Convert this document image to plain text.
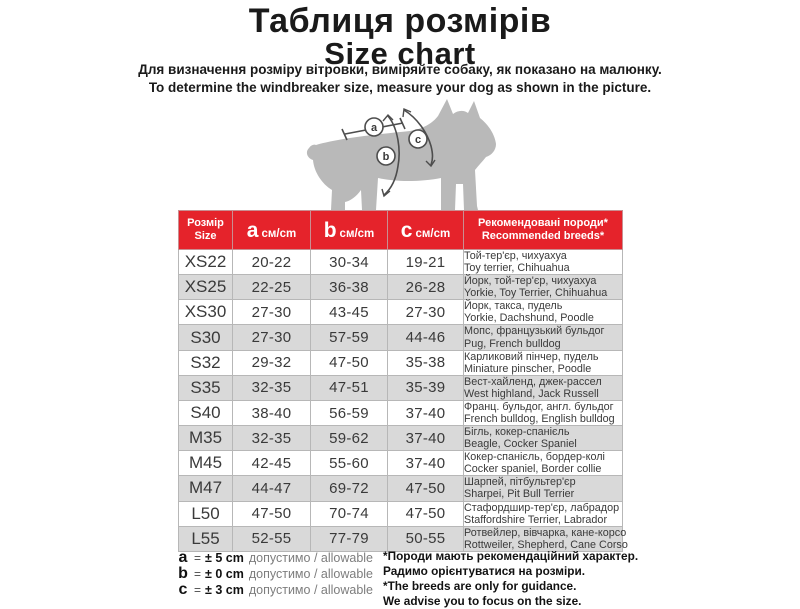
Таблиця розмірів
Size chart
Для визначення розміру вітровки, виміряйте собаку, як показано на малюнку.
To determine the windbreaker size, measure your dog as shown in the picture.
a
b
c
Розмір
Size	a см/cm	b см/cm	c см/cm	Рекомендовані породи*
Recommended breeds*

XS22	20-22	30-34	19-21	Той-тер'єр, чихуахуа
Toy terrier, Chihuahua

XS25	22-25	36-38	26-28	Йорк, той-тер'єр, чихуахуа
Yorkie, Toy Terrier, Chihuahua

XS30	27-30	43-45	27-30	Йорк, такса, пудель
Yorkie, Dachshund, Poodle

S30	27-30	57-59	44-46	Мопс, французький бульдог
Pug, French bulldog

S32	29-32	47-50	35-38	Карликовий пінчер, пудель
Miniature pinscher, Poodle

S35	32-35	47-51	35-39	Вест-хайленд, джек-рассел
West highland, Jack Russell

S40	38-40	56-59	37-40	Франц. бульдог, англ. бульдог
French bulldog, English bulldog

M35	32-35	59-62	37-40	Бігль, кокер-спанієль
Beagle, Cocker Spaniel

M45	42-45	55-60	37-40	Кокер-спанієль, бордер-колі
Cocker spaniel, Border collie

M47	44-47	69-72	47-50	Шарпей, пітбультер'єр
Sharpei, Pit Bull Terrier

L50	47-50	70-74	47-50	Стафордшир-тер'єр, лабрадор
Staffordshire Terrier, Labrador

L55	52-55	77-79	50-55	Ротвейлер, вівчарка, кане-корсо
Rottweiler, Shepherd, Cane Corso
a = ± 5 cm допустимо / allowable
b = ± 0 cm допустимо / allowable
c = ± 3 cm допустимо / allowable
*Породи мають рекомендаційний характер.
Радимо орієнтуватися на розміри.
*The breeds are only for guidance.
We advise you to focus on the size.
